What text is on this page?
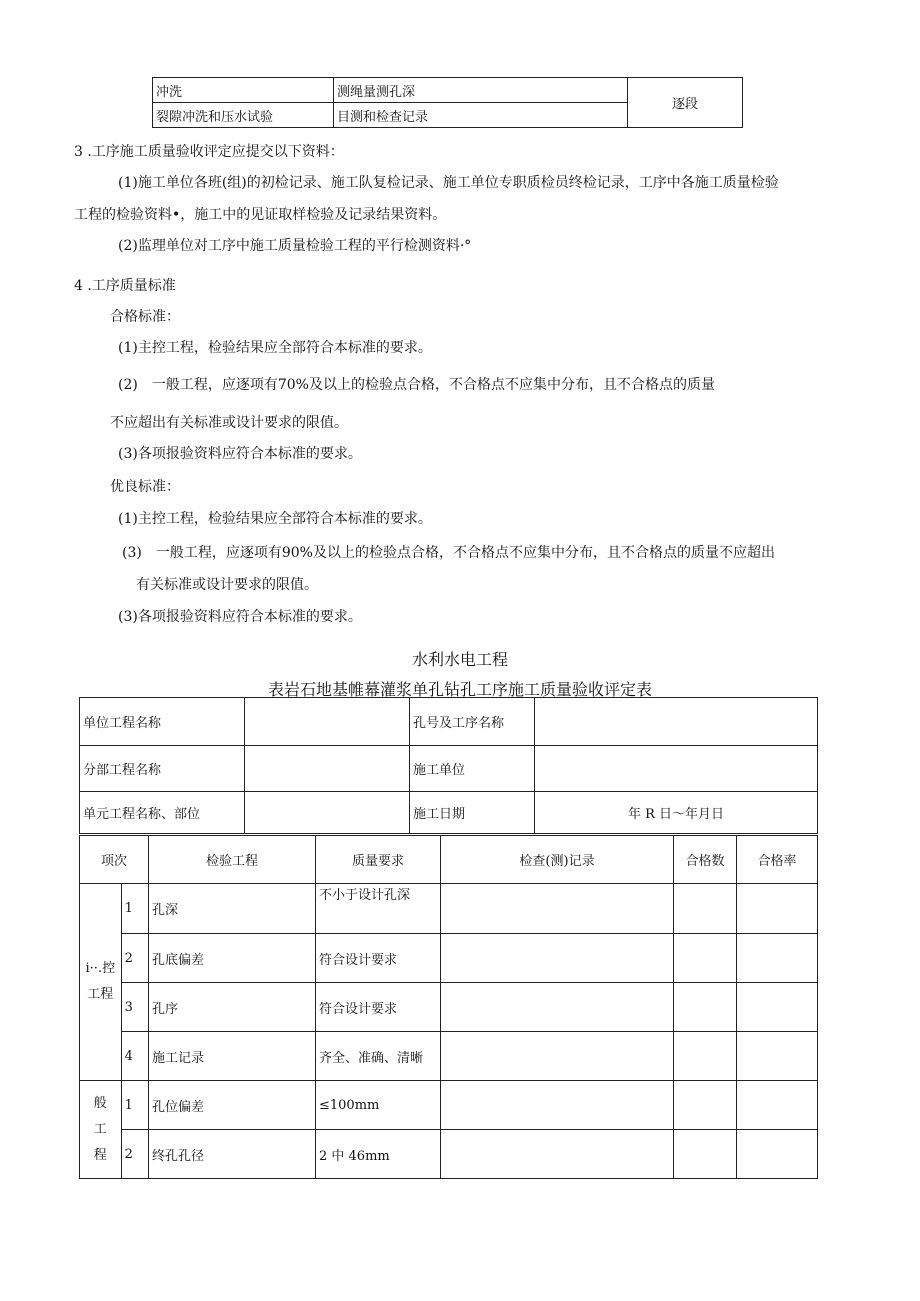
冲洗	测绳量测孔深	逐段
裂隙冲洗和压水试验	目测和检查记录	
3 .工序施工质量验收评定应提交以下资料：
(1)施工单位各班(组)的初检记录、施工队复检记录、施工单位专职质检员终检记录，工序中各施工质量检验
工程的检验资料•，施工中的见证取样检验及记录结果资料。
(2)监理单位对工序中施工质量检验工程的平行检测资料·°
4 .工序质量标准
合格标准：
(1)主控工程，检验结果应全部符合本标准的要求。
(2)　一般工程，应逐项有70%及以上的检验点合格，不合格点不应集中分布，且不合格点的质量
不应超出有关标准或设计要求的限值。
(3)各项报验资料应符合本标准的要求。
优良标准：
(1)主控工程，检验结果应全部符合本标准的要求。
(3)　一般工程，应逐项有90%及以上的检验点合格，不合格点不应集中分布，且不合格点的质量不应超出
有关标准或设计要求的限值。
(3)各项报验资料应符合本标准的要求。
水利水电工程
表岩石地基帷幕灌浆单孔钻孔工序施工质量验收评定表
单位工程名称		孔号及工序名称	
分部工程名称		施工单位	
单元工程名称、部位		施工日期	年 R 日～年月日
项次		检验工程	质量要求	检查(测)记录	合格数	合格率

i··.控
工程	1	孔深	不小于设计孔深			
	2	孔底偏差	符合设计要求			
	3	孔序	符合设计要求			
	4	施工记录	齐全、准确、清晰			

般
工
程	1	孔位偏差	≤100mm			
	2	终孔孔径	2 中 46mm			
